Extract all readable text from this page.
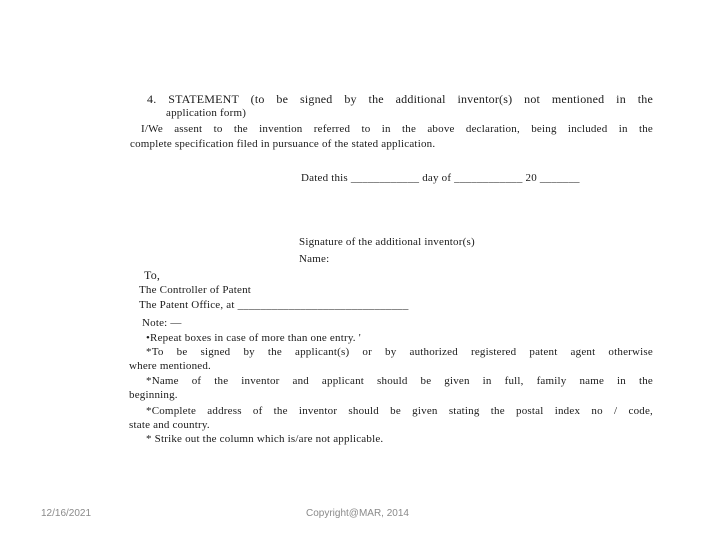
4. STATEMENT (to be signed by the additional inventor(s) not mentioned in the
application form)
I/We assent to the invention referred to in the above declaration, being included in the
complete specification filed in pursuance of the stated application.
Dated this ____________ day of ____________ 20 _______
Signature of the additional inventor(s)
Name:
To,
The Controller of Patent
The Patent Office, at ______________________________
Note: —
•Repeat boxes in case of more than one entry. '
*To be signed by the applicant(s) or by authorized registered patent agent otherwise
where mentioned.
*Name of the inventor and applicant should be given in full, family name in the
beginning.
*Complete address of the inventor should be given stating the postal index no / code,
state and country.
* Strike out the column which is/are not applicable.
12/16/2021	Copyright@MAR, 2014
